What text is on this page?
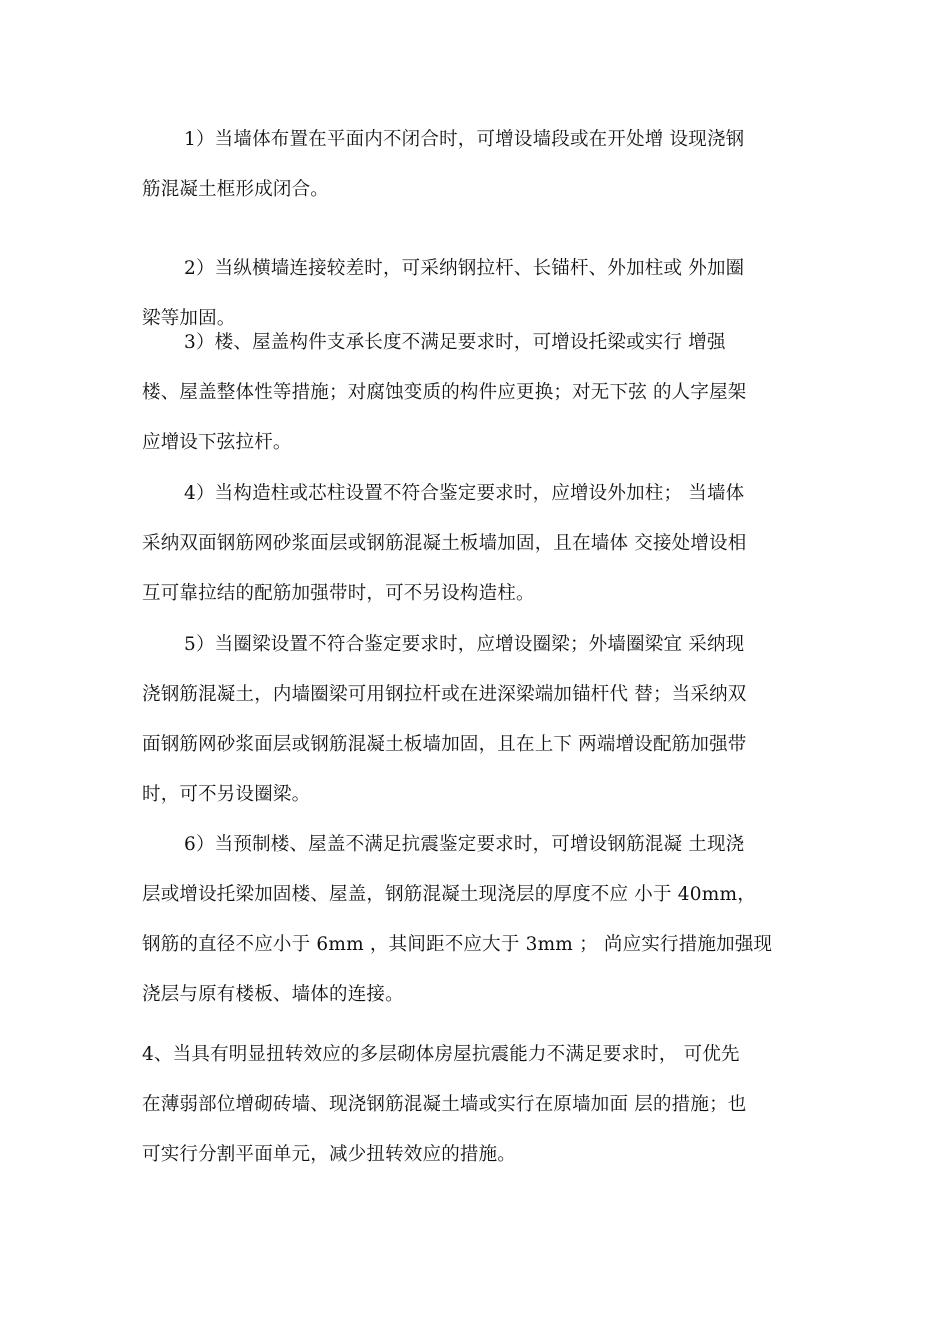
1）当墙体布置在平面内不闭合时，可增设墙段或在开处增 设现浇钢
筋混凝土框形成闭合。
2）当纵横墙连接较差时，可采纳钢拉杆、长锚杆、外加柱或 外加圈
梁等加固。
3）楼、屋盖构件支承长度不满足要求时，可增设托梁或实行 增强
楼、屋盖整体性等措施；对腐蚀变质的构件应更换；对无下弦 的人字屋架
应增设下弦拉杆。
4）当构造柱或芯柱设置不符合鉴定要求时，应增设外加柱； 当墙体
采纳双面钢筋网砂浆面层或钢筋混凝土板墙加固，且在墙体 交接处增设相
互可靠拉结的配筋加强带时，可不另设构造柱。
5）当圈梁设置不符合鉴定要求时，应增设圈梁；外墙圈梁宜 采纳现
浇钢筋混凝土，内墙圈梁可用钢拉杆或在进深梁端加锚杆代 替；当采纳双
面钢筋网砂浆面层或钢筋混凝土板墙加固，且在上下 两端增设配筋加强带
时，可不另设圈梁。
6）当预制楼、屋盖不满足抗震鉴定要求时，可增设钢筋混凝 土现浇
层或增设托梁加固楼、屋盖，钢筋混凝土现浇层的厚度不应 小于 40mm，
钢筋的直径不应小于 6mm ，其间距不应大于 3mm ； 尚应实行措施加强现
浇层与原有楼板、墙体的连接。
4、当具有明显扭转效应的多层砌体房屋抗震能力不满足要求时， 可优先
在薄弱部位增砌砖墙、现浇钢筋混凝土墙或实行在原墙加面 层的措施；也
可实行分割平面单元，减少扭转效应的措施。
